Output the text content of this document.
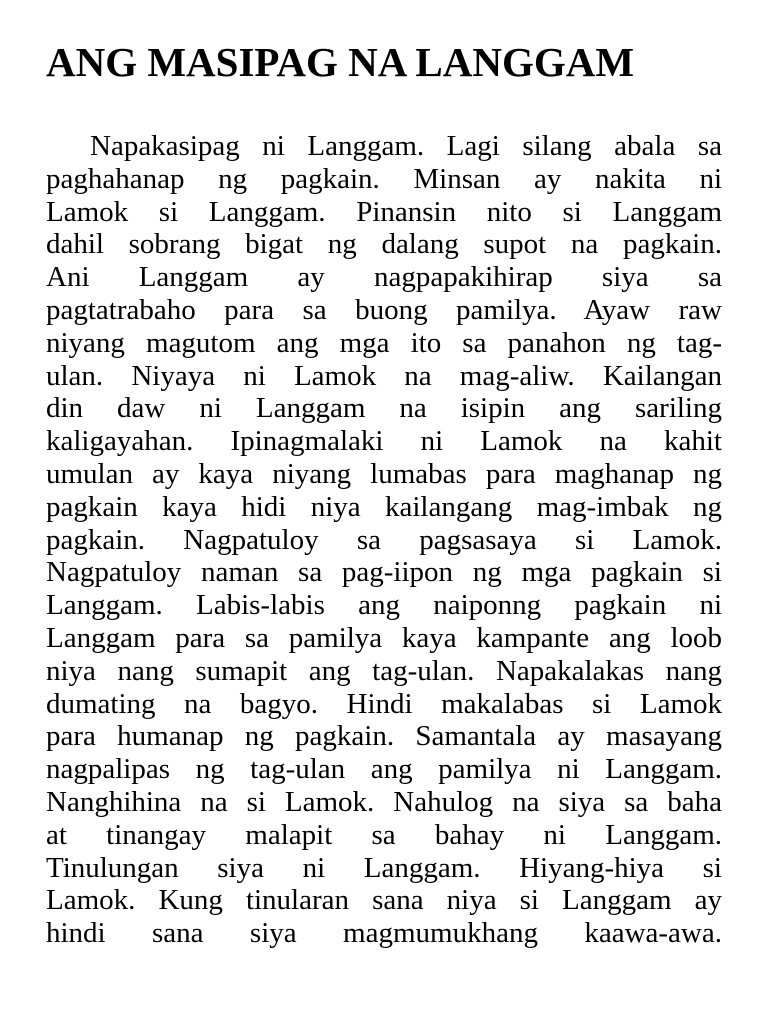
ANG MASIPAG NA LANGGAM
Napakasipag ni Langgam. Lagi silang abala sa
paghahanap ng pagkain. Minsan ay nakita ni
Lamok si Langgam. Pinansin nito si Langgam
dahil sobrang bigat ng dalang supot na pagkain.
Ani Langgam ay nagpapakihirap siya sa
pagtatrabaho para sa buong pamilya. Ayaw raw
niyang magutom ang mga ito sa panahon ng tag-
ulan. Niyaya ni Lamok na mag-aliw. Kailangan
din daw ni Langgam na isipin ang sariling
kaligayahan. Ipinagmalaki ni Lamok na kahit
umulan ay kaya niyang lumabas para maghanap ng
pagkain kaya hidi niya kailangang mag-imbak ng
pagkain. Nagpatuloy sa pagsasaya si Lamok.
Nagpatuloy naman sa pag-iipon ng mga pagkain si
Langgam. Labis-labis ang naiponng pagkain ni
Langgam para sa pamilya kaya kampante ang loob
niya nang sumapit ang tag-ulan. Napakalakas nang
dumating na bagyo. Hindi makalabas si Lamok
para humanap ng pagkain. Samantala ay masayang
nagpalipas ng tag-ulan ang pamilya ni Langgam.
Nanghihina na si Lamok. Nahulog na siya sa baha
at tinangay malapit sa bahay ni Langgam.
Tinulungan siya ni Langgam. Hiyang-hiya si
Lamok. Kung tinularan sana niya si Langgam ay
hindi sana siya magmumukhang kaawa-awa.
